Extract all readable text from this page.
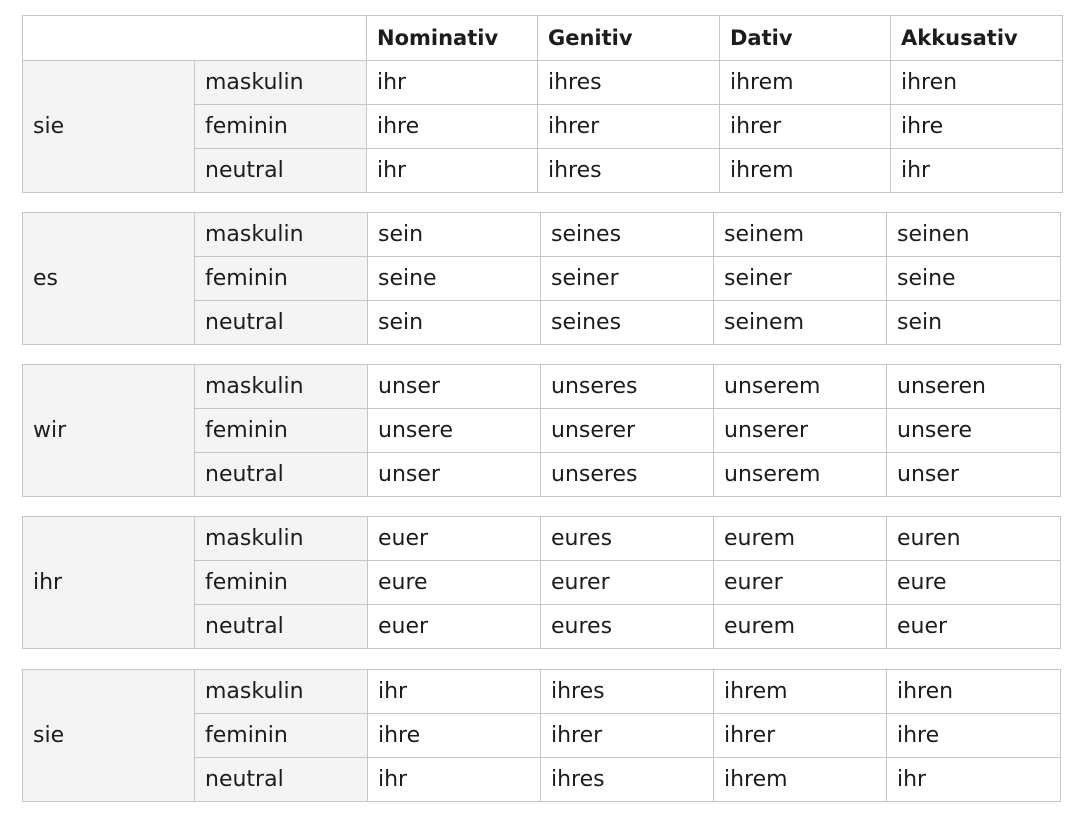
		Nominativ	Genitiv	Dativ	Akkusativ
sie	maskulin	ihr	ihres	ihrem	ihren
	feminin	ihre	ihrer	ihrer	ihre
	neutral	ihr	ihres	ihrem	ihr
es	maskulin	sein	seines	seinem	seinen
	feminin	seine	seiner	seiner	seine
	neutral	sein	seines	seinem	sein
wir	maskulin	unser	unseres	unserem	unseren
	feminin	unsere	unserer	unserer	unsere
	neutral	unser	unseres	unserem	unser
ihr	maskulin	euer	eures	eurem	euren
	feminin	eure	eurer	eurer	eure
	neutral	euer	eures	eurem	euer
sie	maskulin	ihr	ihres	ihrem	ihren
	feminin	ihre	ihrer	ihrer	ihre
	neutral	ihr	ihres	ihrem	ihr
